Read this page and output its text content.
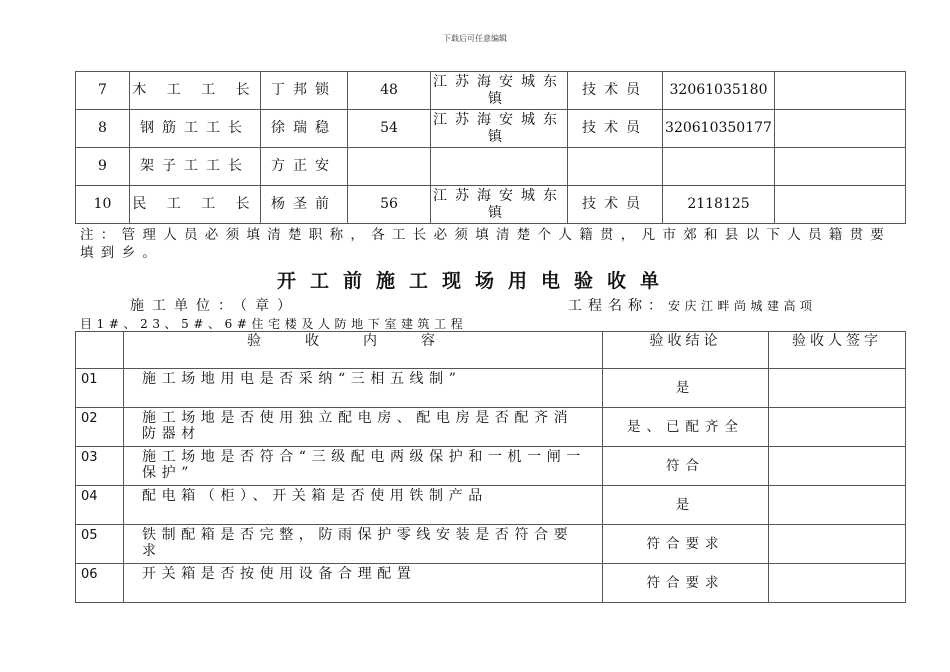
下载后可任意编辑
7	木 工 工 长	丁邦锁	48	江苏海安城东镇	技术员	32061035180	
8	钢筋工工长	徐瑞稳	54	江苏海安城东镇	技术员	320610350177	
9	架子工工长	方正安					
10	民 工 工 长	杨圣前	56	江苏海安城东镇	技术员	2118125	
注：管理人员必须填清楚职称，各工长必须填清楚个人籍贯，凡市郊和县以下人员籍贯要填到乡。
开工前施工现场用电验收单
施工单位：（章）	工程名称：安庆江畔尚城建高项
目1#、23、5#、6#住宅楼及人防地下室建筑工程
	验收内容	验收结论	验收人签字
01	施工场地用电是否采纳“三相五线制”	是	
02	施工场地是否使用独立配电房、配电房是否配齐消防器材	是、已配齐全	
03	施工场地是否符合“三级配电两级保护和一机一闸一保护”	符合	
04	配电箱（柜）、开关箱是否使用铁制产品	是	
05	铁制配箱是否完整，防雨保护零线安装是否符合要求	符合要求	
06	开关箱是否按使用设备合理配置	符合要求	
